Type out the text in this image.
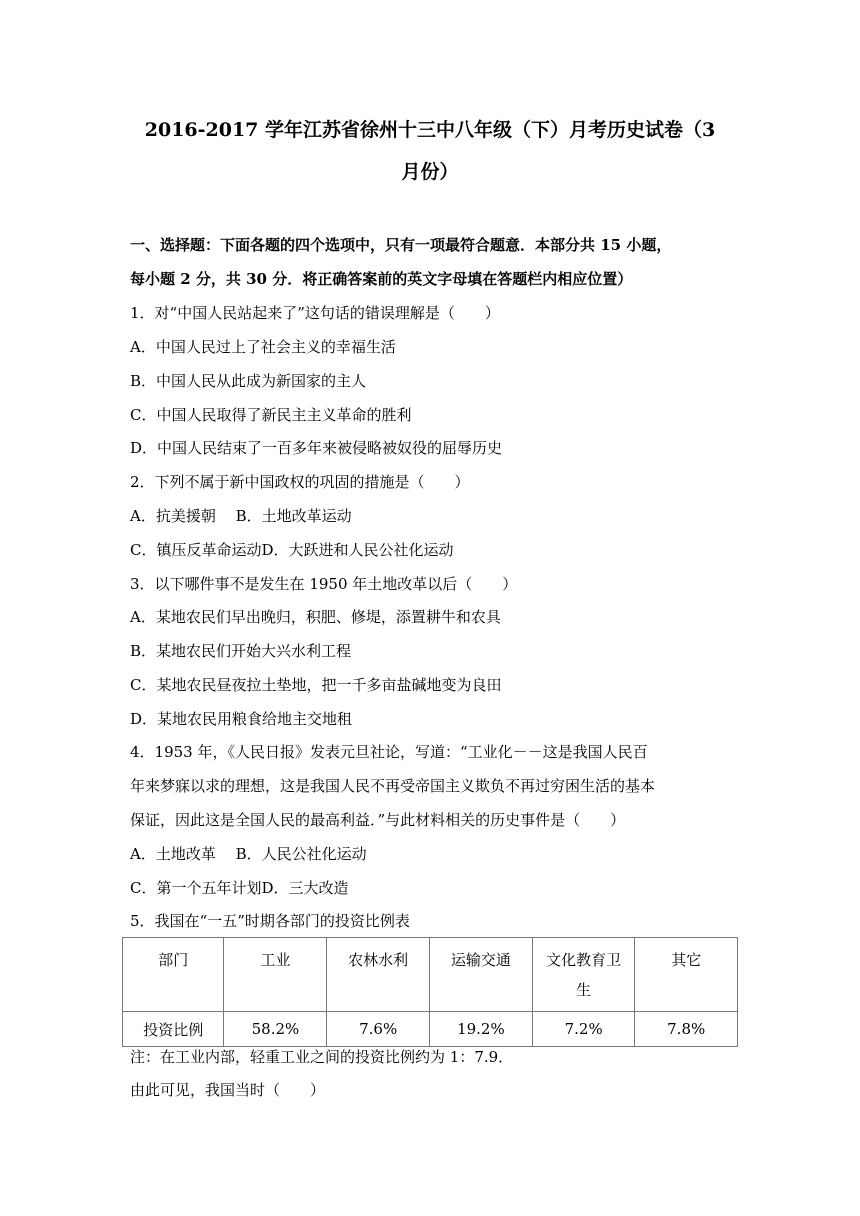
2016-2017 学年江苏省徐州十三中八年级（下）月考历史试卷（3
月份）
一、选择题：下面各题的四个选项中，只有一项最符合题意．本部分共 15 小题，
每小题 2 分，共 30 分．将正确答案前的英文字母填在答题栏内相应位置）
1．对“中国人民站起来了”这句话的错误理解是（　　）
A．中国人民过上了社会主义的幸福生活
B．中国人民从此成为新国家的主人
C．中国人民取得了新民主主义革命的胜利
D．中国人民结束了一百多年来被侵略被奴役的屈辱历史
2．下列不属于新中国政权的巩固的措施是（　　）
A．抗美援朝　 B．土地改革运动
C．镇压反革命运动D．大跃进和人民公社化运动
3．以下哪件事不是发生在 1950 年土地改革以后（　　）
A．某地农民们早出晚归，积肥、修堤，添置耕牛和农具
B．某地农民们开始大兴水利工程
C．某地农民昼夜拉土垫地，把一千多亩盐碱地变为良田
D．某地农民用粮食给地主交地租
4．1953 年，《人民日报》发表元旦社论，写道：“工业化－－这是我国人民百
年来梦寐以求的理想，这是我国人民不再受帝国主义欺负不再过穷困生活的基本
保证，因此这是全国人民的最高利益．”与此材料相关的历史事件是（　　）
A．土地改革　 B．人民公社化运动
C．第一个五年计划D．三大改造
5．我国在“一五”时期各部门的投资比例表
部门	工业	农林水利	运输交通	文化教育卫生	其它
投资比例	58.2%	7.6%	19.2%	7.2%	7.8%
注：在工业内部，轻重工业之间的投资比例约为 1：7.9．
由此可见，我国当时（　　）
